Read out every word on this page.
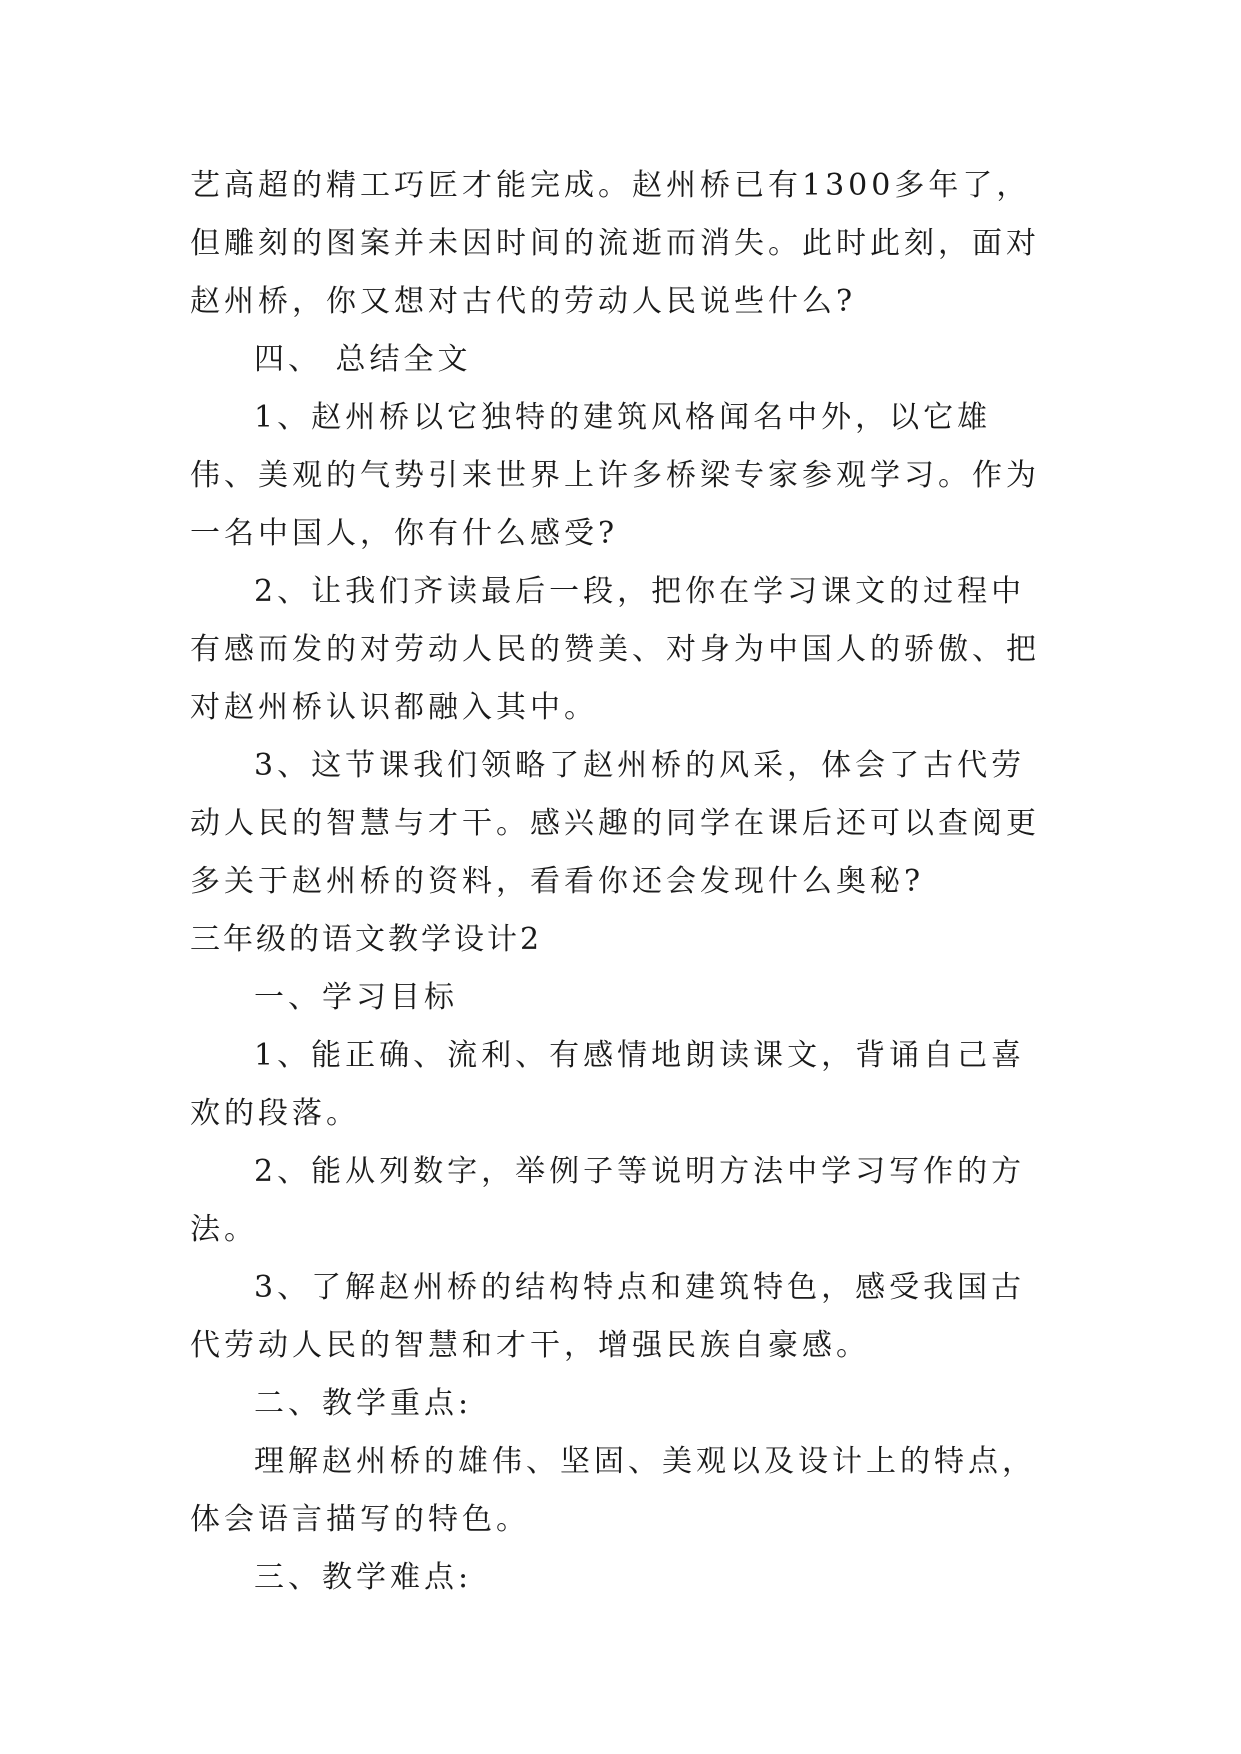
艺高超的精工巧匠才能完成。赵州桥已有1300多年了，但雕刻的图案并未因时间的流逝而消失。此时此刻，面对赵州桥，你又想对古代的劳动人民说些什么?

四、 总结全文

1、赵州桥以它独特的建筑风格闻名中外，以它雄伟、美观的气势引来世界上许多桥梁专家参观学习。作为一名中国人，你有什么感受?

2、让我们齐读最后一段，把你在学习课文的过程中有感而发的对劳动人民的赞美、对身为中国人的骄傲、把对赵州桥认识都融入其中。

3、这节课我们领略了赵州桥的风采，体会了古代劳动人民的智慧与才干。感兴趣的同学在课后还可以查阅更多关于赵州桥的资料，看看你还会发现什么奥秘?

三年级的语文教学设计2

一、学习目标

1、能正确、流利、有感情地朗读课文，背诵自己喜欢的段落。

2、能从列数字，举例子等说明方法中学习写作的方法。

3、了解赵州桥的结构特点和建筑特色，感受我国古代劳动人民的智慧和才干，增强民族自豪感。

二、教学重点:

理解赵州桥的雄伟、坚固、美观以及设计上的特点，体会语言描写的特色。

三、教学难点:
